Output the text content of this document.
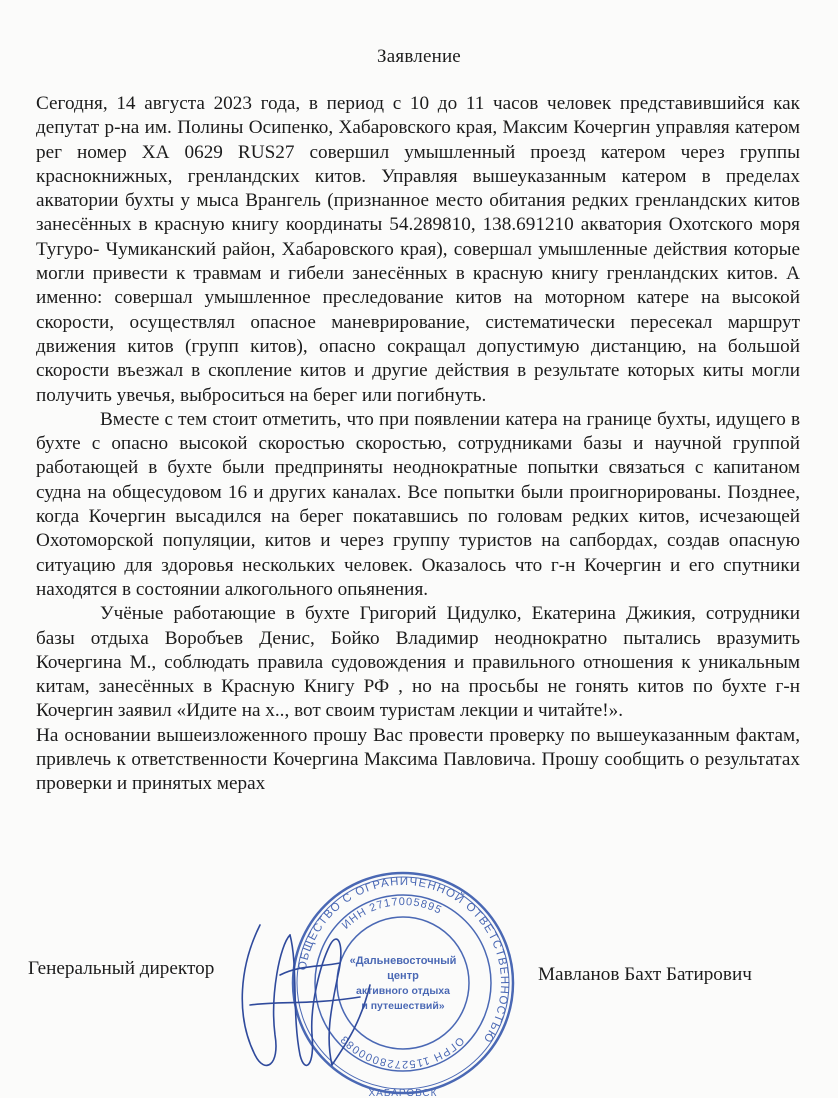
Заявление

Сегодня, 14 августа 2023 года, в период с 10 до 11 часов человек представившийся как депутат р-на им. Полины Осипенко, Хабаровского края, Максим Кочергин управляя катером рег номер ХА 0629 RUS27 совершил умышленный проезд катером через группы краснокнижных, гренландских китов. Управляя вышеуказанным катером в пределах акватории бухты у мыса Врангель (признанное место обитания редких гренландских китов занесённых в красную книгу координаты 54.289810, 138.691210 акватория Охотского моря Тугуро- Чумиканский район, Хабаровского края), совершал умышленные действия которые могли привести к травмам и гибели занесённых в красную книгу гренландских китов. А именно: совершал умышленное преследование китов на моторном катере на высокой скорости, осуществлял опасное маневрирование, систематически пересекал маршрут движения китов (групп китов), опасно сокращал допустимую дистанцию, на большой скорости въезжал в скопление китов и другие действия в результате которых киты могли получить увечья, выброситься на берег или погибнуть.

Вместе с тем стоит отметить, что при появлении катера на границе бухты, идущего в бухте с опасно высокой скоростью скоростью, сотрудниками базы и научной группой работающей в бухте были предприняты неоднократные попытки связаться с капитаном судна на общесудовом 16 и других каналах. Все попытки были проигнорированы. Позднее, когда Кочергин высадился на берег покатавшись по головам редких китов, исчезающей Охотоморской популяции, китов и через группу туристов на сапбордах, создав опасную ситуацию для здоровья нескольких человек. Оказалось что г-н Кочергин и его спутники находятся в состоянии алкогольного опьянения.

Учёные работающие в бухте Григорий Цидулко, Екатерина Джикия, сотрудники базы отдыха Воробъев Денис, Бойко Владимир неоднократно пытались вразумить Кочергина М., соблюдать правила судовождения и правильного отношения к уникальным китам, занесённых в Красную Книгу РФ , но на просьбы не гонять китов по бухте г-н Кочергин заявил «Идите на х.., вот своим туристам лекции и читайте!».

На основании вышеизложенного прошу Вас провести проверку по вышеуказанным фактам, привлечь к ответственности Кочергина Максима Павловича. Прошу сообщить о результатах проверки и принятых мерах

ОБЩЕСТВО С ОГРАНИЧЕННОЙ ОТВЕТСТВЕННОСТЬЮ
ИНН 2717005895
ОГРН 1152728000083
ХАБАРОВСК
«Дальневосточный
центр
активного отдыха
и путешествий»
Генеральный директор	Мавланов Бахт Батирович
